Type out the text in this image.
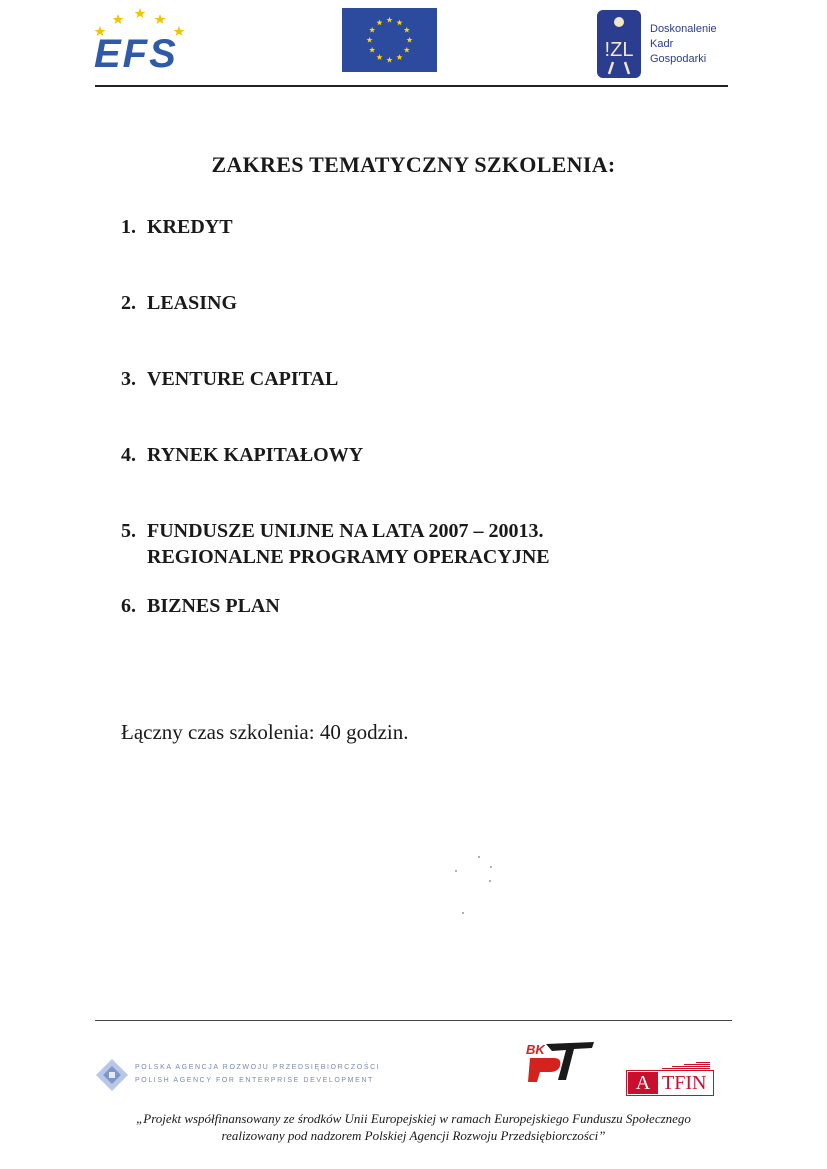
EFS	!ZL
Doskonalenie
Kadr
Gospodarki
ZAKRES TEMATYCZNY SZKOLENIA:
1. KREDYT
2. LEASING
3. VENTURE CAPITAL
4. RYNEK KAPITAŁOWY
5. FUNDUSZE UNIJNE NA LATA 2007 – 20013.
REGIONALNE PROGRAMY OPERACYJNE
6. BIZNES PLAN
Łączny czas szkolenia: 40 godzin.
POLSKA AGENCJA ROZWOJU PRZEDSIĘBIORCZOŚCI
POLISH AGENCY FOR ENTERPRISE DEVELOPMENT
BK
A TFIN
„Projekt współfinansowany ze środków Unii Europejskiej w ramach Europejskiego Funduszu Społecznego
realizowany pod nadzorem Polskiej Agencji Rozwoju Przedsiębiorczości”
